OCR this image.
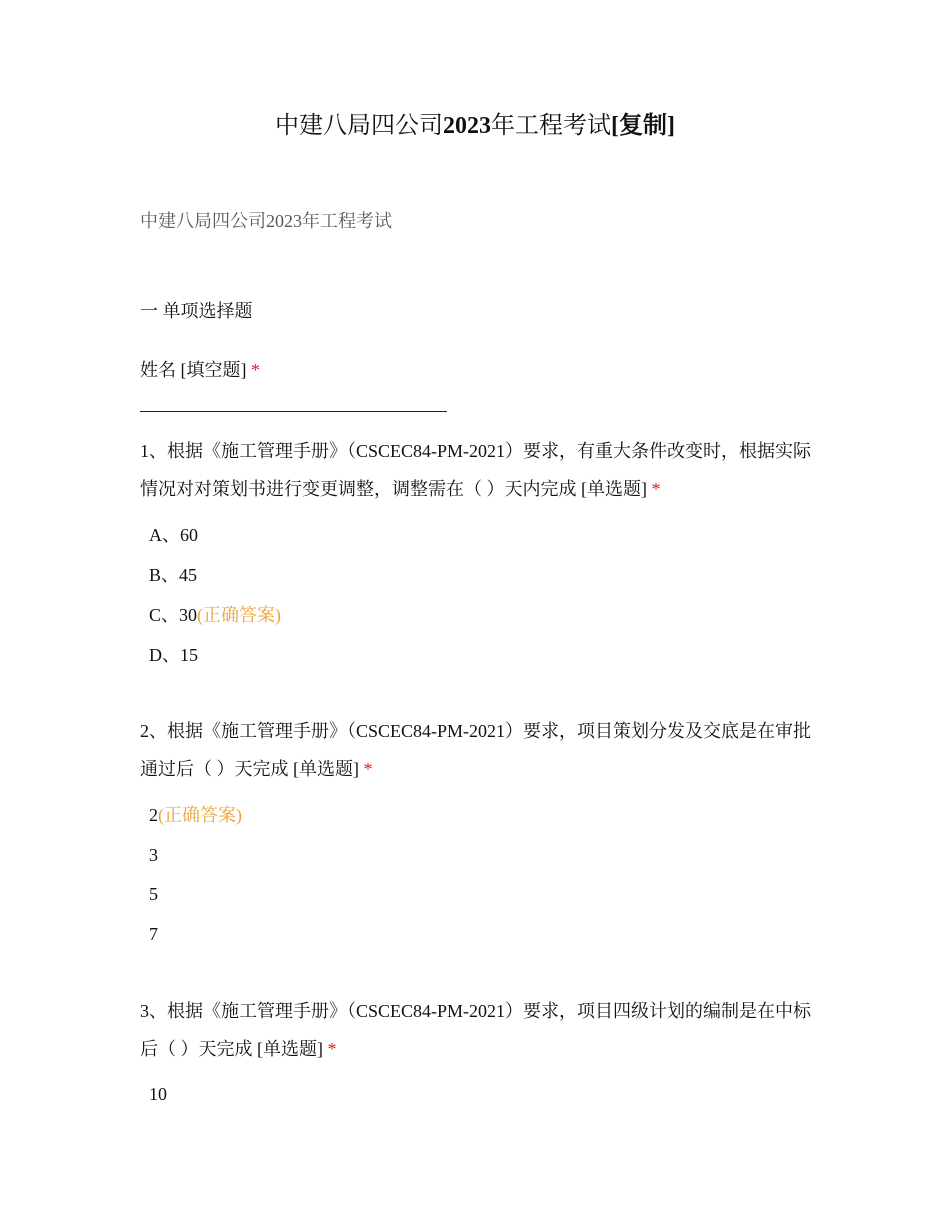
中建八局四公司2023年工程考试[复制]
中建八局四公司2023年工程考试
一 单项选择题
姓名 [填空题] *
1、根据《施工管理手册》（CSCEC84-PM-2021）要求，有重大条件改变时，根据实际情况对对策划书进行变更调整，调整需在（ ）天内完成 [单选题] *
A、60
B、45
C、30(正确答案)
D、15
2、根据《施工管理手册》（CSCEC84-PM-2021）要求，项目策划分发及交底是在审批通过后（ ）天完成 [单选题] *
2(正确答案)
3
5
7
3、根据《施工管理手册》（CSCEC84-PM-2021）要求，项目四级计划的编制是在中标后（ ）天完成 [单选题] *
10
